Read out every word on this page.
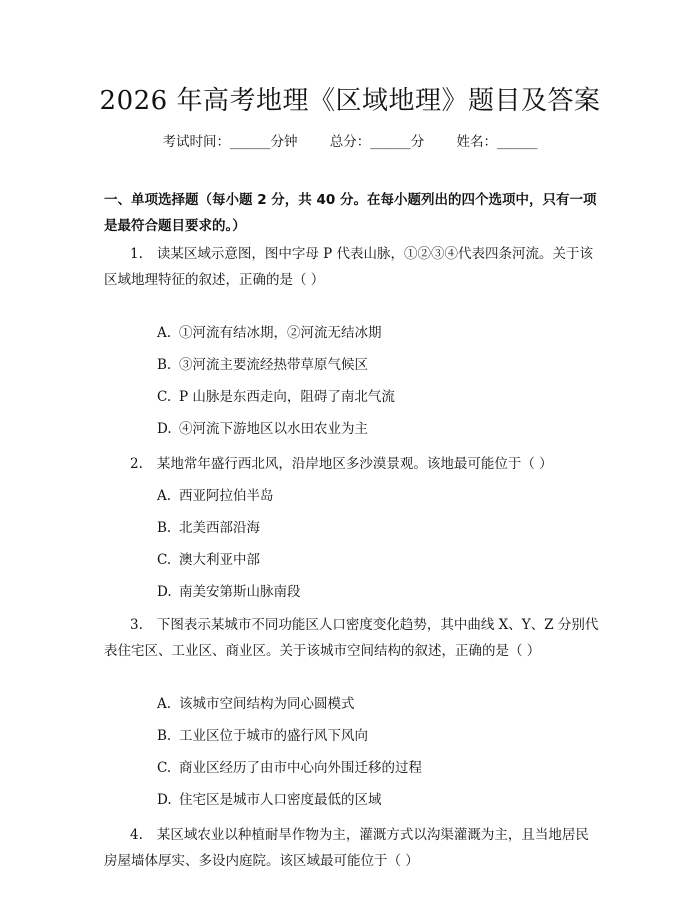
2026 年高考地理《区域地理》题目及答案
考试时间：______分钟 总分：______分 姓名：______
一、单项选择题（每小题 2 分，共 40 分。在每小题列出的四个选项中，只有一项是最符合题目要求的。）
1. 读某区域示意图，图中字母 P 代表山脉，①②③④代表四条河流。关于该区域地理特征的叙述，正确的是（ ）
A. ①河流有结冰期，②河流无结冰期
B. ③河流主要流经热带草原气候区
C. P 山脉是东西走向，阻碍了南北气流
D. ④河流下游地区以水田农业为主
2. 某地常年盛行西北风，沿岸地区多沙漠景观。该地最可能位于（ ）
A. 西亚阿拉伯半岛
B. 北美西部沿海
C. 澳大利亚中部
D. 南美安第斯山脉南段
3. 下图表示某城市不同功能区人口密度变化趋势，其中曲线 X、Y、Z 分别代表住宅区、工业区、商业区。关于该城市空间结构的叙述，正确的是（ ）
A. 该城市空间结构为同心圆模式
B. 工业区位于城市的盛行风下风向
C. 商业区经历了由市中心向外围迁移的过程
D. 住宅区是城市人口密度最低的区域
4. 某区域农业以种植耐旱作物为主，灌溉方式以沟渠灌溉为主，且当地居民房屋墙体厚实、多设内庭院。该区域最可能位于（ ）
